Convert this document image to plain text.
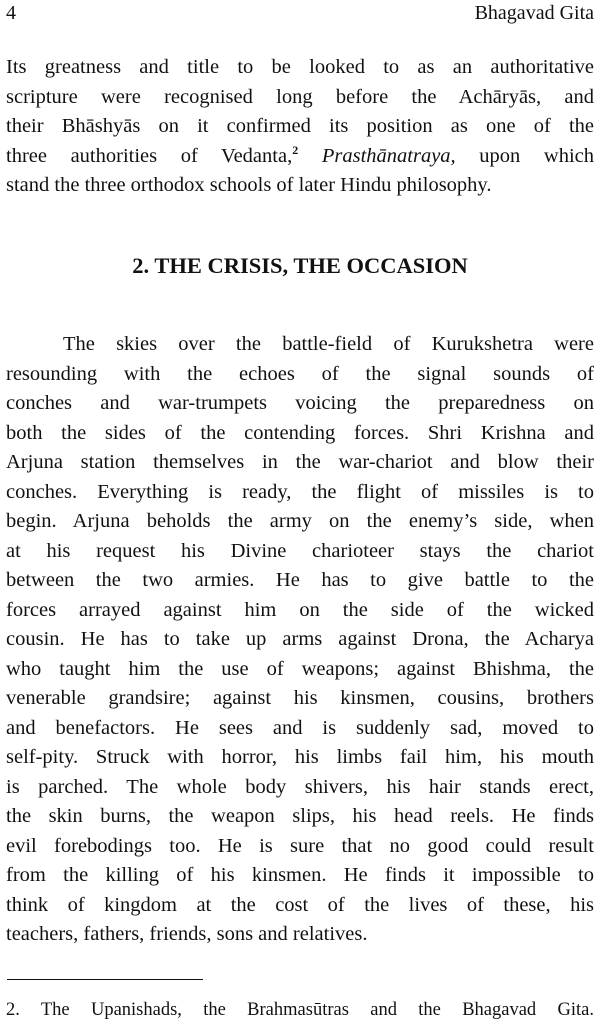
4	Bhagavad Gita
Its greatness and title to be looked to as an authoritative
scripture were recognised long before the Achāryās, and
their Bhāshyās on it confirmed its position as one of the
three authorities of Vedanta,$^2$ Prasthānatraya, upon which
stand the three orthodox schools of later Hindu philosophy.
2. THE CRISIS, THE OCCASION
The skies over the battle-field of Kurukshetra were
resounding with the echoes of the signal sounds of
conches and war-trumpets voicing the preparedness on
both the sides of the contending forces. Shri Krishna and
Arjuna station themselves in the war-chariot and blow their
conches. Everything is ready, the flight of missiles is to
begin. Arjuna beholds the army on the enemy’s side, when
at his request his Divine charioteer stays the chariot
between the two armies. He has to give battle to the
forces arrayed against him on the side of the wicked
cousin. He has to take up arms against Drona, the Acharya
who taught him the use of weapons; against Bhishma, the
venerable grandsire; against his kinsmen, cousins, brothers
and benefactors. He sees and is suddenly sad, moved to
self-pity. Struck with horror, his limbs fail him, his mouth
is parched. The whole body shivers, his hair stands erect,
the skin burns, the weapon slips, his head reels. He finds
evil forebodings too. He is sure that no good could result
from the killing of his kinsmen. He finds it impossible to
think of kingdom at the cost of the lives of these, his
teachers, fathers, friends, sons and relatives.
2. The Upanishads, the Brahmasūtras and the Bhagavad Gita.
